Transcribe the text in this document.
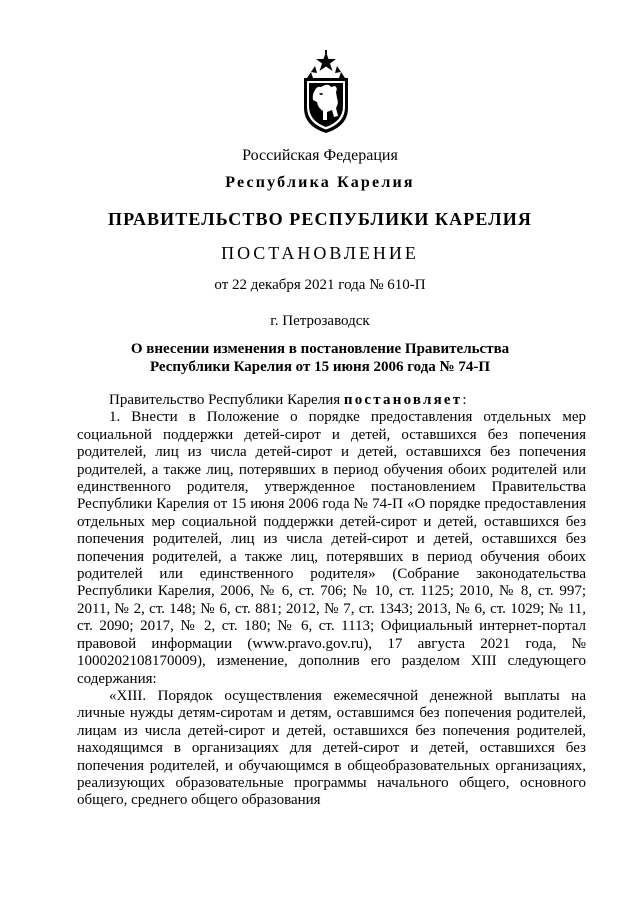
Российская Федерация
Республика Карелия
ПРАВИТЕЛЬСТВО РЕСПУБЛИКИ КАРЕЛИЯ
ПОСТАНОВЛЕНИЕ
от 22 декабря 2021 года № 610-П
г. Петрозаводск
О внесении изменения в постановление Правительства
Республики Карелия от 15 июня 2006 года № 74-П

Правительство Республики Карелия постановляет:

1. Внести в Положение о порядке предоставления отдельных мер социальной поддержки детей-сирот и детей, оставшихся без попечения родителей, лиц из числа детей-сирот и детей, оставшихся без попечения родителей, а также лиц, потерявших в период обучения обоих родителей или единственного родителя, утвержденное постановлением Правительства Республики Карелия от 15 июня 2006 года № 74-П «О порядке предоставления отдельных мер социальной поддержки детей-сирот и детей, оставшихся без попечения родителей, лиц из числа детей-сирот и детей, оставшихся без попечения родителей, а также лиц, потерявших в период обучения обоих родителей или единственного родителя» (Собрание законодательства Республики Карелия, 2006, № 6, ст. 706; № 10, ст. 1125; 2010, № 8, ст. 997; 2011, № 2, ст. 148; № 6, ст. 881; 2012, № 7, ст. 1343; 2013, № 6, ст. 1029; № 11, ст. 2090; 2017, № 2, ст. 180; № 6, ст. 1113; Официальный интернет-портал правовой информации (www.pravo.gov.ru), 17 августа 2021 года, № 1000202108170009), изменение, дополнив его разделом XIII следующего содержания:

«XIII. Порядок осуществления ежемесячной денежной выплаты на личные нужды детям-сиротам и детям, оставшимся без попечения родителей, лицам из числа детей-сирот и детей, оставшихся без попечения родителей, находящимся в организациях для детей-сирот и детей, оставшихся без попечения родителей, и обучающимся в общеобразовательных организациях, реализующих образовательные программы начального общего, основного общего, среднего общего образования
